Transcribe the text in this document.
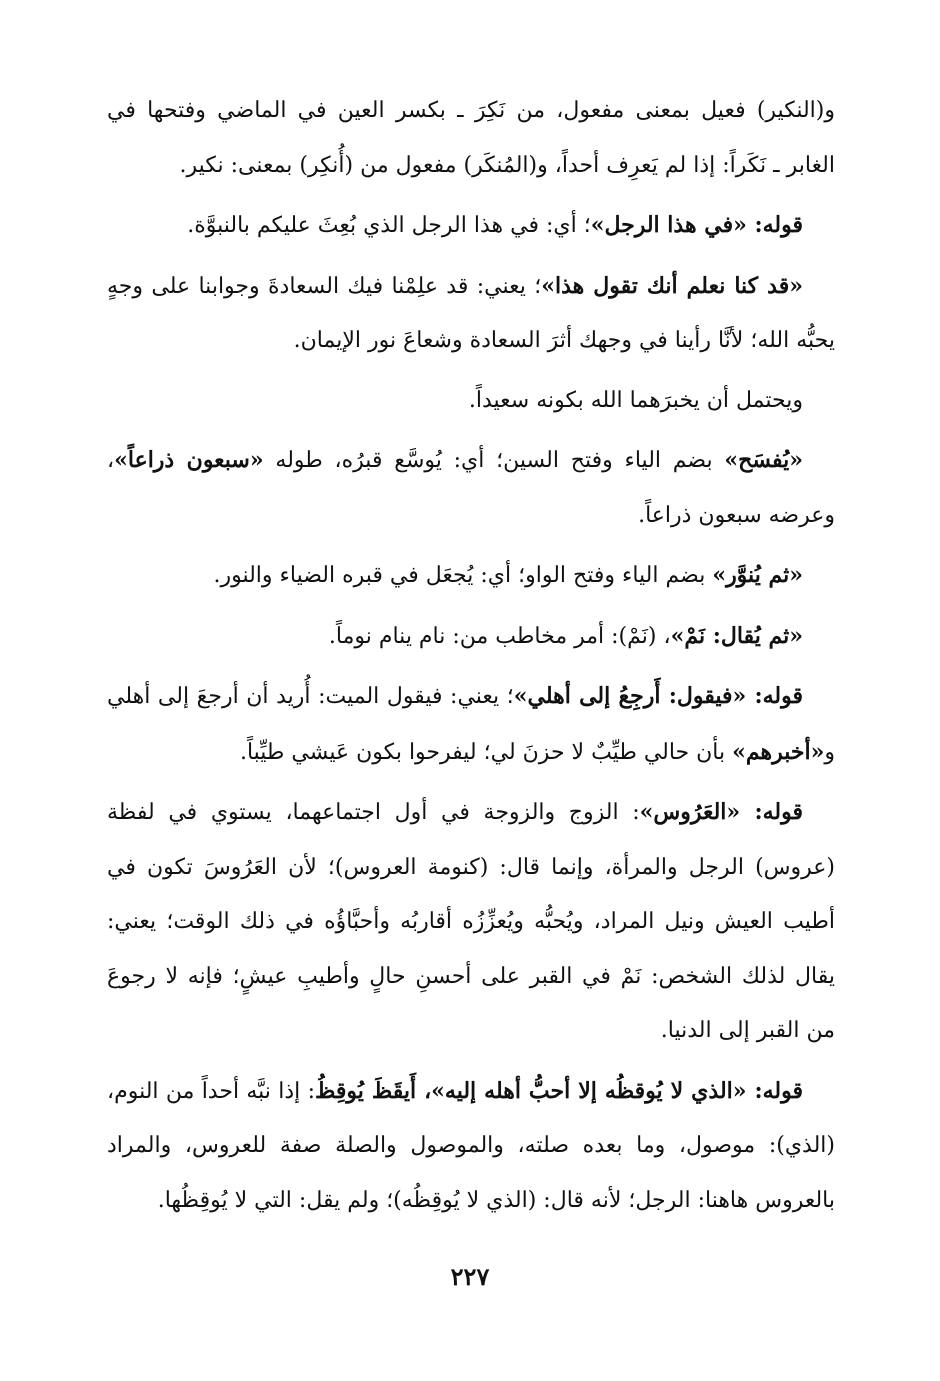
و(النكير) فعيل بمعنى مفعول، من نَكِرَ ـ بكسر العين في الماضي وفتحها في الغابر ـ نَكَراً: إذا لم يَعرِف أحداً، و(المُنكَر) مفعول من (أُنكِر) بمعنى: نكير.

قوله: «في هذا الرجل»؛ أي: في هذا الرجل الذي بُعِثَ عليكم بالنبوَّة.

«قد كنا نعلم أنك تقول هذا»؛ يعني: قد علِمْنا فيك السعادةَ وجوابنا على وجهٍ يحبُّه الله؛ لأنَّا رأينا في وجهك أثرَ السعادة وشعاعَ نور الإيمان.

ويحتمل أن يخبرَهما الله بكونه سعيداً.

«يُفسَح» بضم الياء وفتح السين؛ أي: يُوسَّع قبرُه، طوله «سبعون ذراعاً»، وعرضه سبعون ذراعاً.

«ثم يُنوَّر» بضم الياء وفتح الواو؛ أي: يُجعَل في قبره الضياء والنور.

«ثم يُقال: نَمْ»، (نَمْ): أمر مخاطب من: نام ينام نوماً.

قوله: «فيقول: أَرجِعُ إلى أهلي»؛ يعني: فيقول الميت: أُريد أن أرجعَ إلى أهلي و«أخبرهم» بأن حالي طيِّبٌ لا حزنَ لي؛ ليفرحوا بكون عَيشي طيِّباً.

قوله: «العَرُوس»: الزوج والزوجة في أول اجتماعهما، يستوي في لفظة (عروس) الرجل والمرأة، وإنما قال: (كنومة العروس)؛ لأن العَرُوسَ تكون في أطيب العيش ونيل المراد، ويُحبُّه ويُعزِّزُه أقاربُه وأحبَّاؤُه في ذلك الوقت؛ يعني: يقال لذلك الشخص: نَمْ في القبر على أحسنِ حالٍ وأطيبِ عيشٍ؛ فإنه لا رجوعَ من القبر إلى الدنيا.

قوله: «الذي لا يُوقظُه إلا أحبُّ أهله إليه»، أَيقَظَ يُوقِظُ: إذا نبَّه أحداً من النوم، (الذي): موصول، وما بعده صلته، والموصول والصلة صفة للعروس، والمراد بالعروس هاهنا: الرجل؛ لأنه قال: (الذي لا يُوقِظُه)؛ ولم يقل: التي لا يُوقِظُها.

٢٢٧
